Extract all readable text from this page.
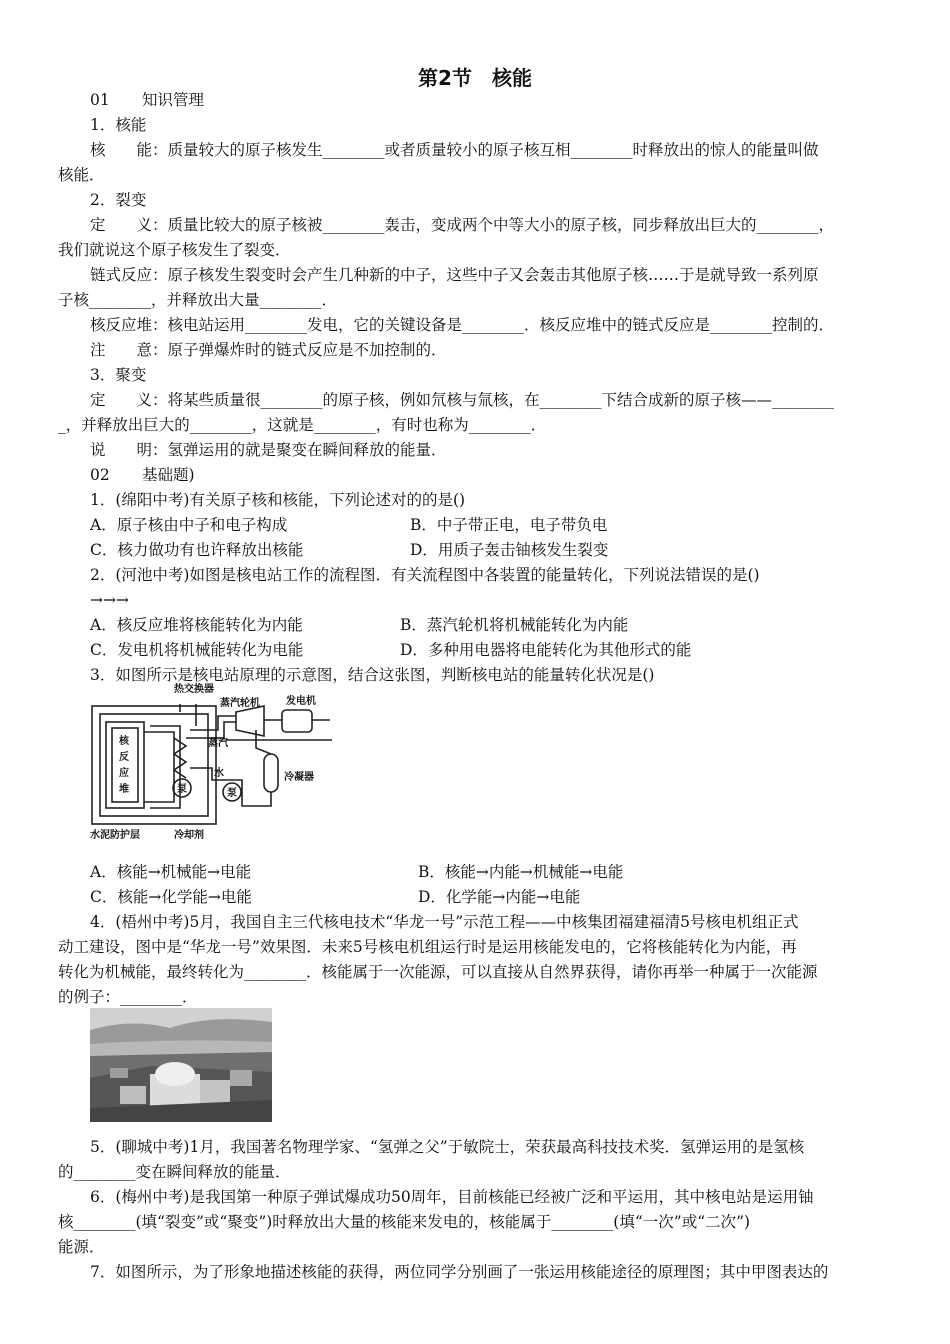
第2节　核能
01 知识管理
1．核能
核　　能：质量较大的原子核发生________或者质量较小的原子核互相________时释放出的惊人的能量叫做
核能．
2．裂变
定　　义：质量比较大的原子核被________轰击，变成两个中等大小的原子核，同步释放出巨大的________，
我们就说这个原子核发生了裂变．
链式反应：原子核发生裂变时会产生几种新的中子，这些中子又会轰击其他原子核……于是就导致一系列原
子核________，并释放出大量________．
核反应堆：核电站运用________发电，它的关键设备是________．核反应堆中的链式反应是________控制的．
注　　意：原子弹爆炸时的链式反应是不加控制的．
3．聚变
定　　义：将某些质量很________的原子核，例如氘核与氚核，在________下结合成新的原子核——________
_，并释放出巨大的________，这就是________，有时也称为________．
说　　明：氢弹运用的就是聚变在瞬间释放的能量．
02 基础题)
1．(绵阳中考)有关原子核和核能，下列论述对的的是()
A．原子核由中子和电子构成	B．中子带正电，电子带负电
C．核力做功有也许释放出核能	D．用质子轰击铀核发生裂变
2．(河池中考)如图是核电站工作的流程图．有关流程图中各装置的能量转化，下列说法错误的是()
→→→
A．核反应堆将核能转化为内能	B．蒸汽轮机将机械能转化为内能
C．发电机将机械能转化为电能	D．多种用电器将电能转化为其他形式的能
3．如图所示是核电站原理的示意图，结合这张图，判断核电站的能量转化状况是()
热交换器
蒸汽轮机	发电机
核
反
应
堆
蒸汽
水
泵	泵
冷凝器
水泥防护层	冷却剂
A．核能→机械能→电能	B．核能→内能→机械能→电能
C．核能→化学能→电能	D．化学能→内能→电能
4．(梧州中考)5月，我国自主三代核电技术“华龙一号”示范工程——中核集团福建福清5号核电机组正式
动工建设，图中是“华龙一号”效果图．未来5号核电机组运行时是运用核能发电的，它将核能转化为内能，再
转化为机械能，最终转化为________．核能属于一次能源，可以直接从自然界获得，请你再举一种属于一次能源
的例子：________．
5．(聊城中考)1月，我国著名物理学家、“氢弹之父”于敏院士，荣获最高科技技术奖．氢弹运用的是氢核
的________变在瞬间释放的能量．
6．(梅州中考)是我国第一种原子弹试爆成功50周年，目前核能已经被广泛和平运用，其中核电站是运用铀
核________(填“裂变”或“聚变”)时释放出大量的核能来发电的，核能属于________(填“一次”或“二次”)
能源．
7．如图所示，为了形象地描述核能的获得，两位同学分别画了一张运用核能途径的原理图；其中甲图表达的
